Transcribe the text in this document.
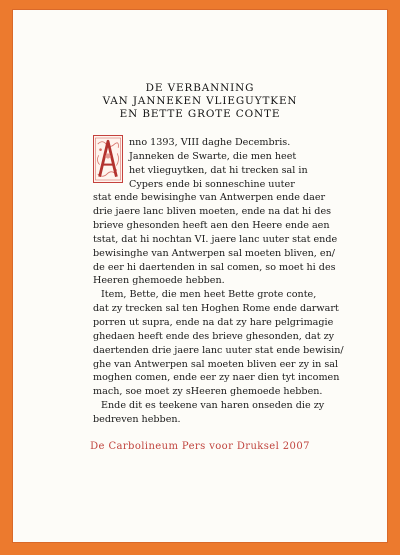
DE VERBANNING
VAN JANNEKEN VLIEGUYTKEN
EN BETTE GROTE CONTE
nno 1393, VIII daghe Decembris.
Janneken de Swarte, die men heet
het vlieguytken, dat hi trecken sal in
Cypers ende bi sonneschine uuter
stat ende bewisinghe van Antwerpen ende daer
drie jaere lanc bliven moeten, ende na dat hi des
brieve ghesonden heeft aen den Heere ende aen
tstat, dat hi nochtan VI. jaere lanc uuter stat ende
bewisinghe van Antwerpen sal moeten bliven, en/
de eer hi daertenden in sal comen, so moet hi des
Heeren ghemoede hebben.
Item, Bette, die men heet Bette grote conte,
dat zy trecken sal ten Hoghen Rome ende darwart
porren ut supra, ende na dat zy hare pelgrimagie
ghedaen heeft ende des brieve ghesonden, dat zy
daertenden drie jaere lanc uuter stat ende bewisin/
ghe van Antwerpen sal moeten bliven eer zy in sal
moghen comen, ende eer zy naer dien tyt incomen
mach, soe moet zy sHeeren ghemoede hebben.
Ende dit es teekene van haren onseden die zy
bedreven hebben.
De Carbolineum Pers voor Druksel 2007
